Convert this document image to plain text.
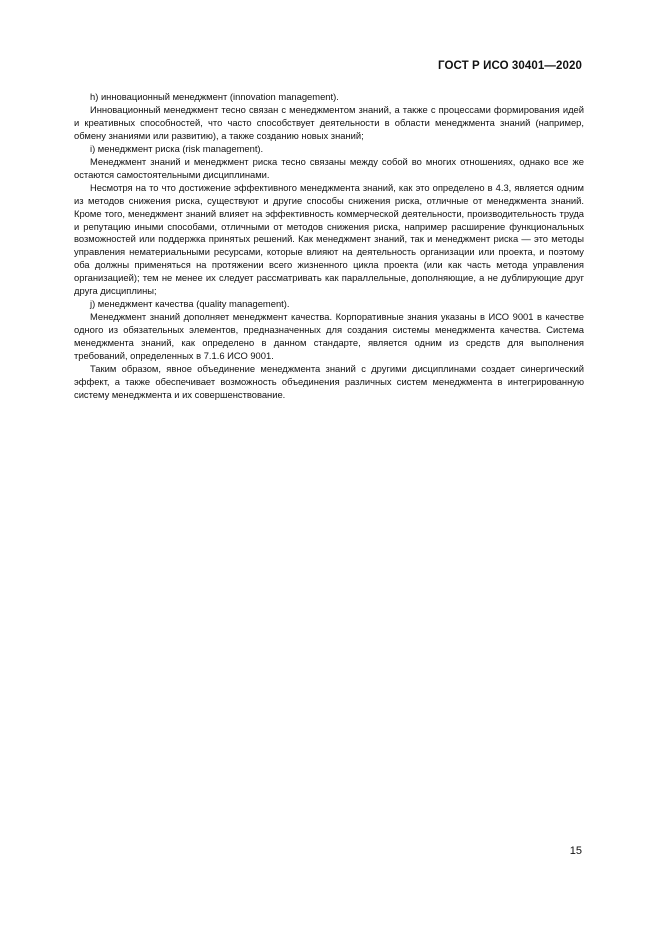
ГОСТ Р ИСО 30401—2020

h) инновационный менеджмент (innovation management).

Инновационный менеджмент тесно связан с менеджментом знаний, а также с процессами формирования идей и креативных способностей, что часто способствует деятельности в области менеджмента знаний (например, обмену знаниями или развитию), а также созданию новых знаний;

i) менеджмент риска (risk management).

Менеджмент знаний и менеджмент риска тесно связаны между собой во многих отношениях, однако все же остаются самостоятельными дисциплинами.

Несмотря на то что достижение эффективного менеджмента знаний, как это определено в 4.3, является одним из методов снижения риска, существуют и другие способы снижения риска, отличные от менеджмента знаний. Кроме того, менеджмент знаний влияет на эффективность коммерческой деятельности, производительность труда и репутацию иными способами, отличными от методов снижения риска, например расширение функциональных возможностей или поддержка принятых решений. Как менеджмент знаний, так и менеджмент риска — это методы управления нематериальными ресурсами, которые влияют на деятельность организации или проекта, и поэтому оба должны применяться на протяжении всего жизненного цикла проекта (или как часть метода управления организацией); тем не менее их следует рассматривать как параллельные, дополняющие, а не дублирующие друг друга дисциплины;

j) менеджмент качества (quality management).

Менеджмент знаний дополняет менеджмент качества. Корпоративные знания указаны в ИСО 9001 в качестве одного из обязательных элементов, предназначенных для создания системы менеджмента качества. Система менеджмента знаний, как определено в данном стандарте, является одним из средств для выполнения требований, определенных в 7.1.6 ИСО 9001.

Таким образом, явное объединение менеджмента знаний с другими дисциплинами создает синергический эффект, а также обеспечивает возможность объединения различных систем менеджмента в интегрированную систему менеджмента и их совершенствование.

15
